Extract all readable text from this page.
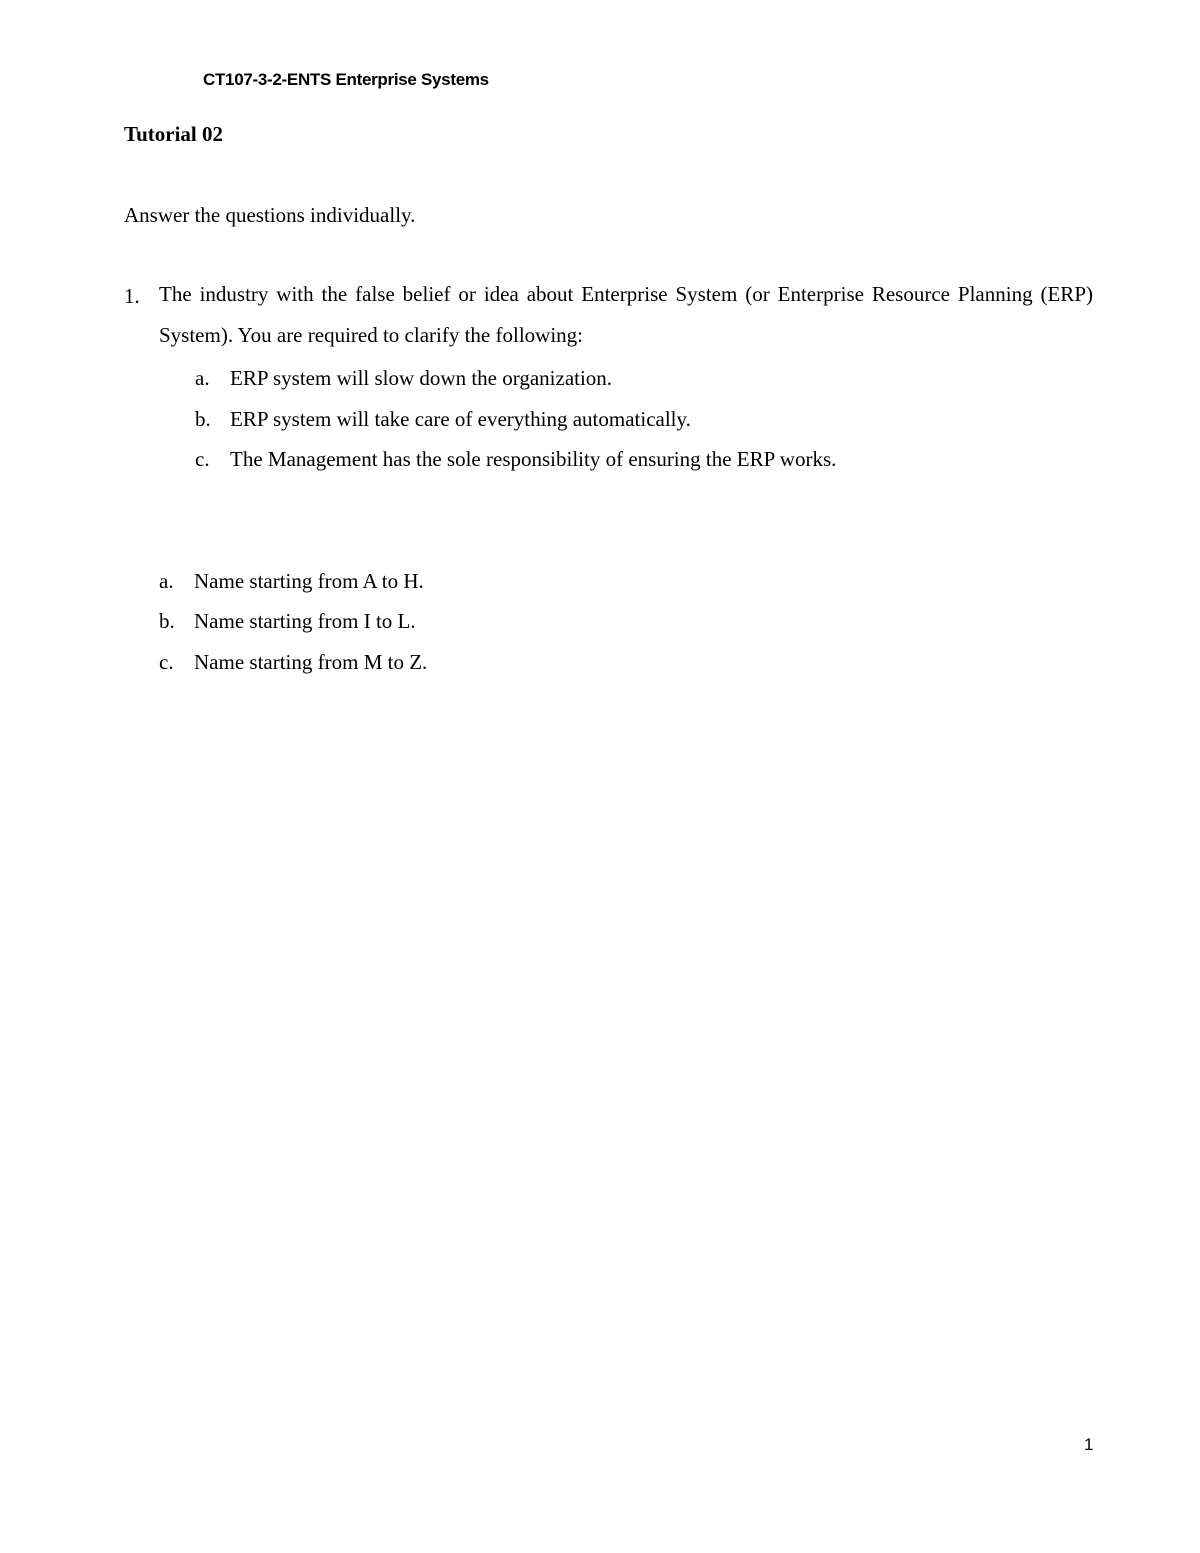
CT107-3-2-ENTS Enterprise Systems
Tutorial 02
Answer the questions individually.
1. The industry with the false belief or idea about Enterprise System (or Enterprise Resource Planning (ERP) System). You are required to clarify the following:
a. ERP system will slow down the organization.
b. ERP system will take care of everything automatically.
c. The Management has the sole responsibility of ensuring the ERP works.
a. Name starting from A to H.
b. Name starting from I to L.
c. Name starting from M to Z.
1
